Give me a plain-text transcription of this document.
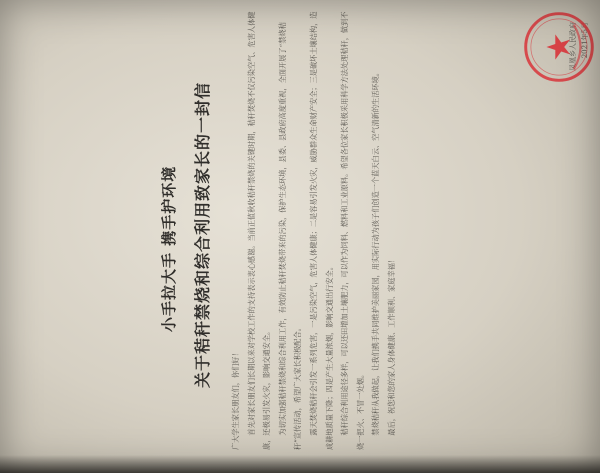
小手拉大手 携手护环境 关于秸秆禁烧和综合利用致家长的一封信

广大学生家长朋友们，你们好！ 首先对家长朋友们长期以来对学校工作的支持表示衷心感谢。当前正值秋收秸秆禁烧的关键时期，秸秆焚烧不仅污染空气、危害人体健康，还极易引发火灾，影响交通安全。 为切实加强秸秆禁烧和综合利用工作，有效防止秸秆焚烧带来的污染，保护生态环境，县委、县政府高度重视，全面开展了“禁烧秸秆”宣传活动，希望广大家长积极配合。 露天焚烧秸秆会引发一系列危害，一是污染空气，危害人体健康；二是容易引发火灾，威胁群众生命财产安全；三是破坏土壤结构，造成耕地质量下降；四是产生大量浓烟，影响交通出行安全。 秸秆综合利用途径多样，可以还田增加土壤肥力，可以作为饲料、燃料和工业原料。希望各位家长积极采用科学方法处理秸秆，做到不烧一把火、不冒一处烟。 禁烧秸秆从我做起，让我们携手共同维护美丽家园，用实际行动为孩子们创造一个蓝天白云、空气清新的生活环境。 最后，祝您和您的家人身体健康、工作顺利、家庭幸福！

凤凰乡人民政府 2021年5月
